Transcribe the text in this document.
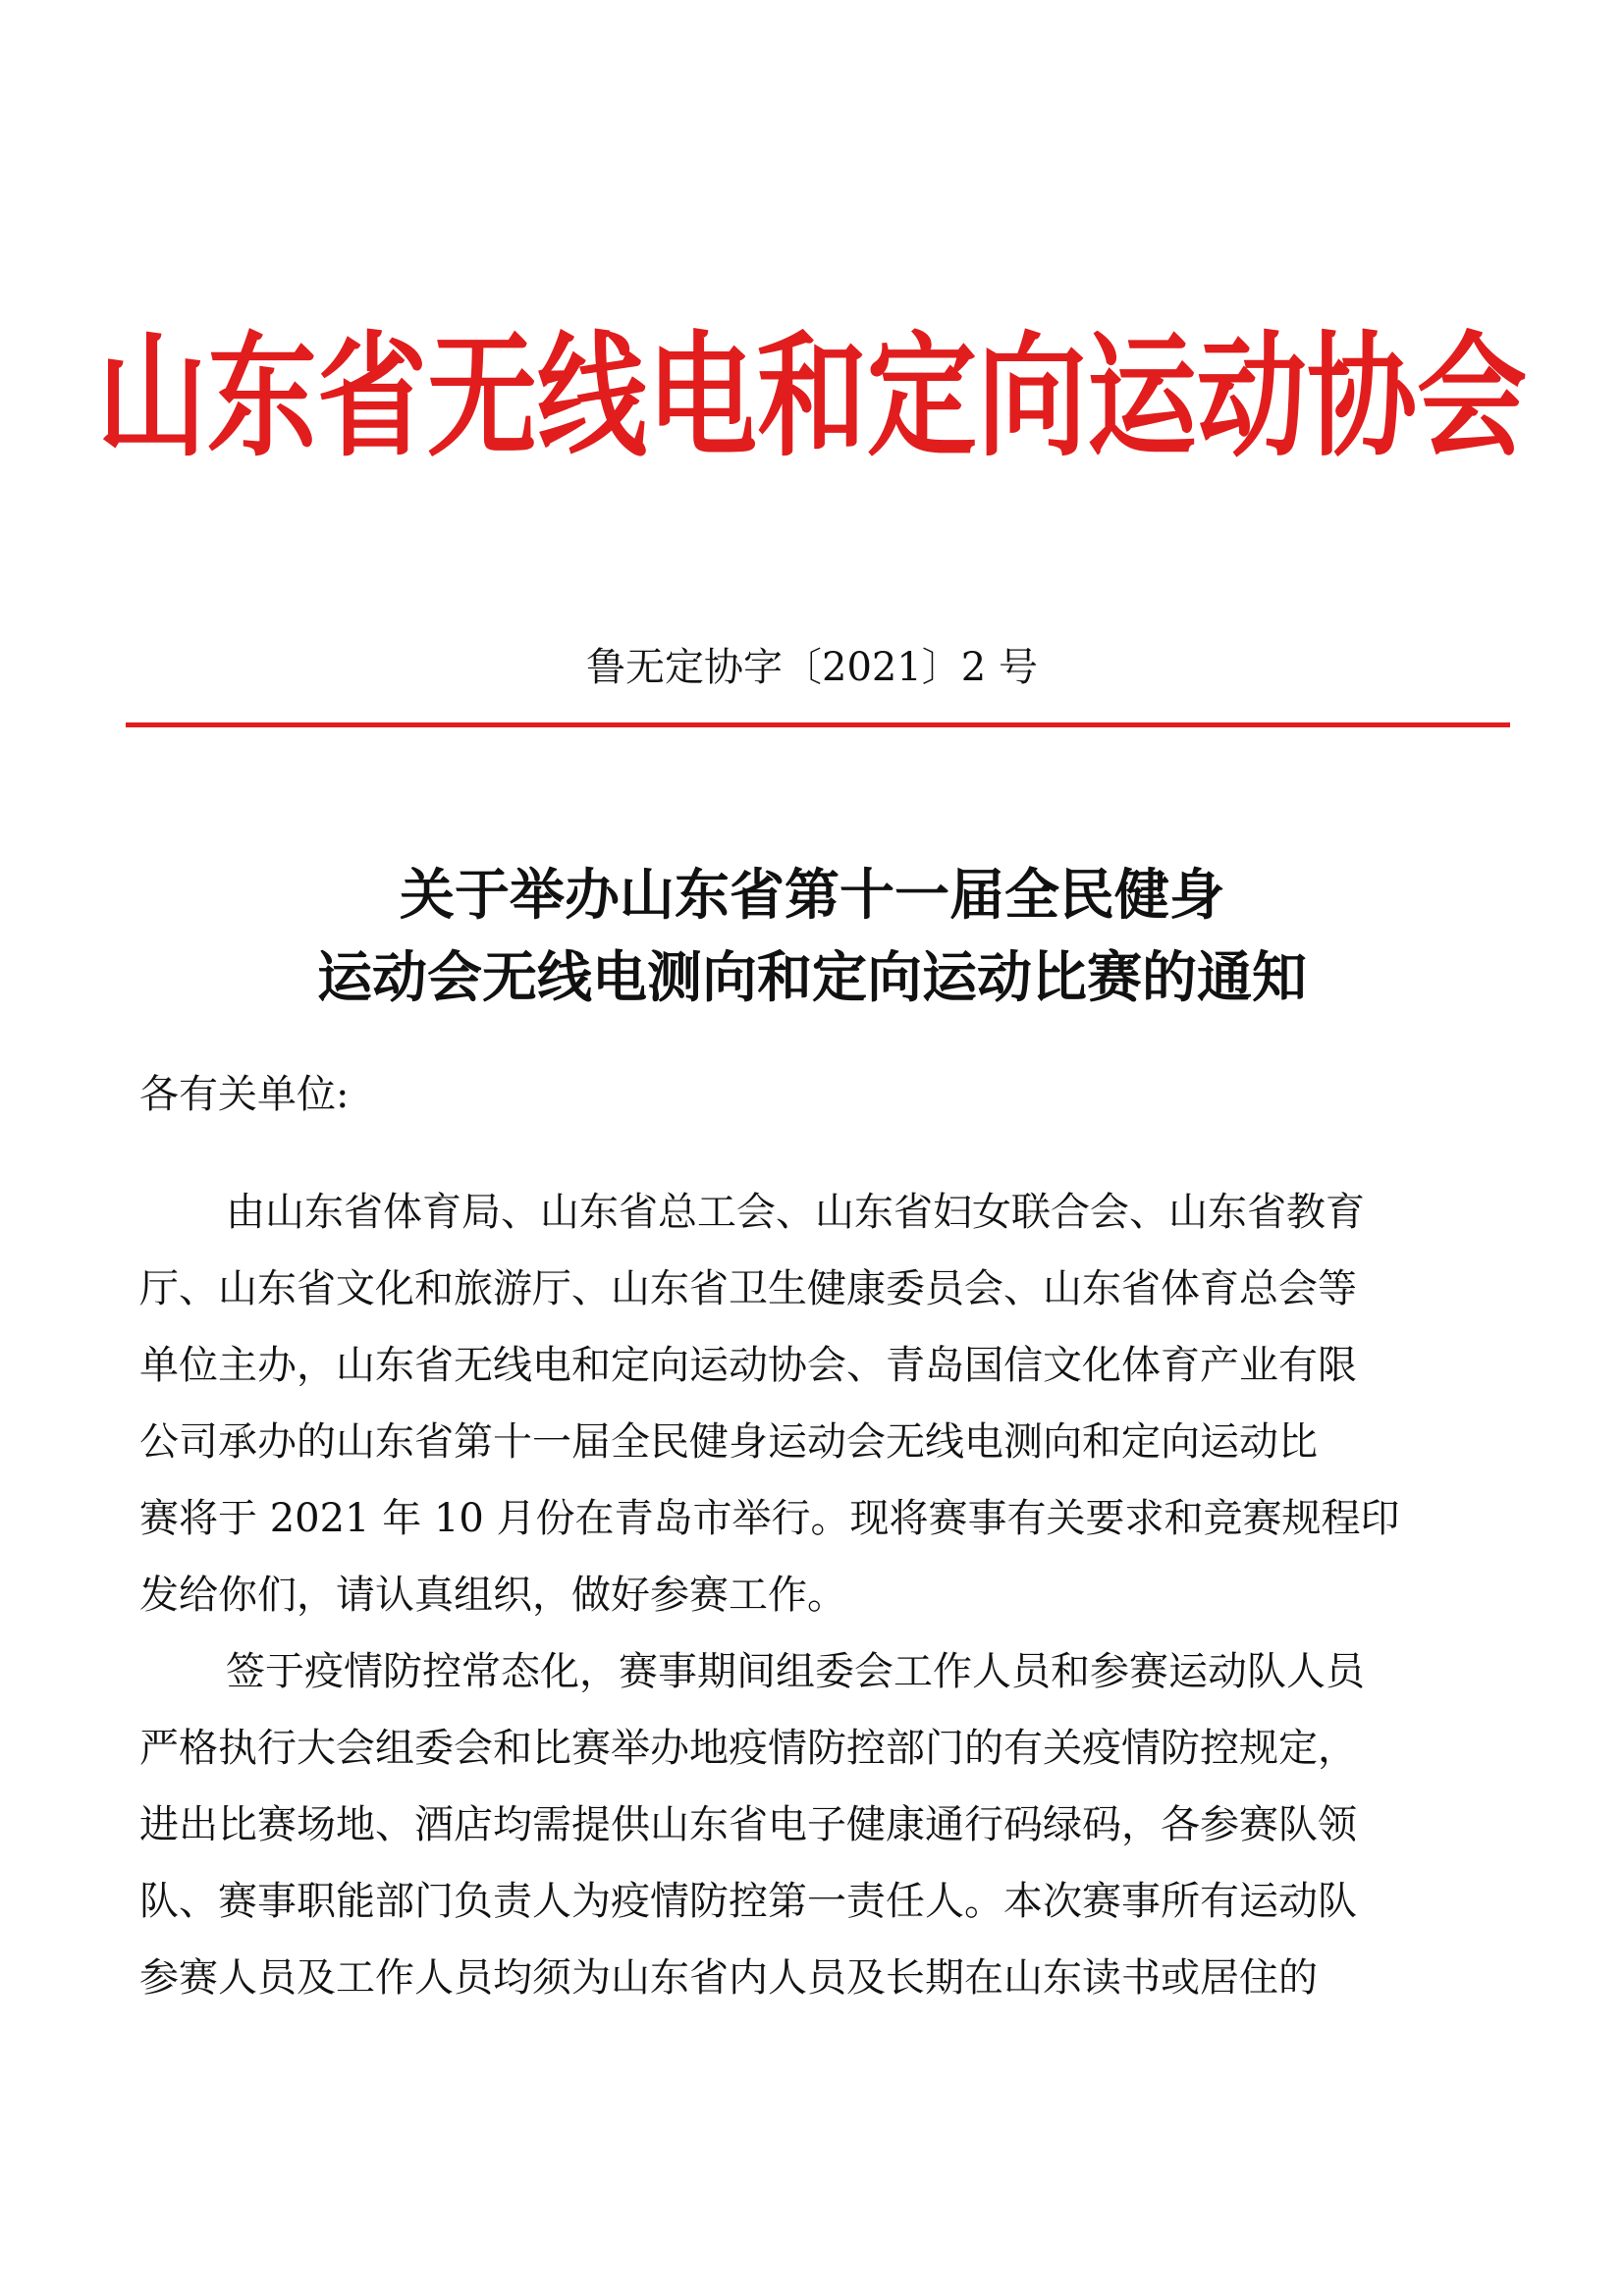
山东省无线电和定向运动协会
鲁无定协字〔2021〕2 号
关于举办山东省第十一届全民健身
运动会无线电测向和定向运动比赛的通知
各有关单位:
由山东省体育局、山东省总工会、山东省妇女联合会、山东省教育
厅、山东省文化和旅游厅、山东省卫生健康委员会、山东省体育总会等
单位主办，山东省无线电和定向运动协会、青岛国信文化体育产业有限
公司承办的山东省第十一届全民健身运动会无线电测向和定向运动比
赛将于 2021 年 10 月份在青岛市举行。现将赛事有关要求和竞赛规程印
发给你们，请认真组织，做好参赛工作。
签于疫情防控常态化，赛事期间组委会工作人员和参赛运动队人员
严格执行大会组委会和比赛举办地疫情防控部门的有关疫情防控规定，
进出比赛场地、酒店均需提供山东省电子健康通行码绿码，各参赛队领
队、赛事职能部门负责人为疫情防控第一责任人。本次赛事所有运动队
参赛人员及工作人员均须为山东省内人员及长期在山东读书或居住的
